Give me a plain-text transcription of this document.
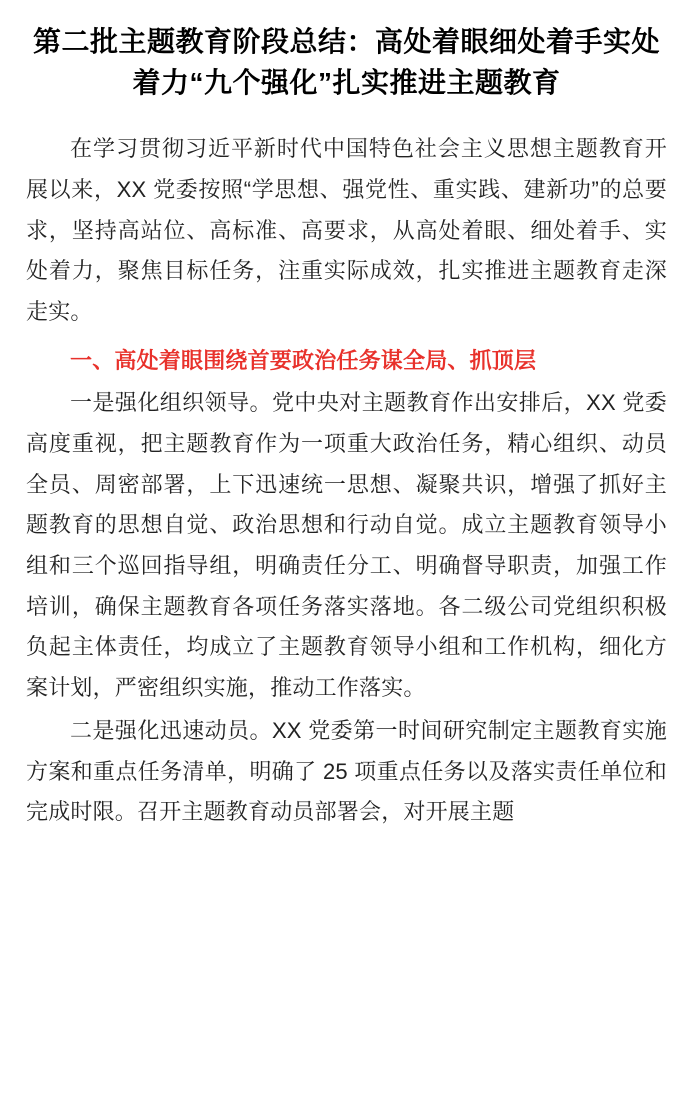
第二批主题教育阶段总结：高处着眼细处着手实处着力“九个强化”扎实推进主题教育

在学习贯彻习近平新时代中国特色社会主义思想主题教育开展以来，XX 党委按照“学思想、强党性、重实践、建新功”的总要求，坚持高站位、高标准、高要求，从高处着眼、细处着手、实处着力，聚焦目标任务，注重实际成效，扎实推进主题教育走深走实。

一、高处着眼围绕首要政治任务谋全局、抓顶层

一是强化组织领导。党中央对主题教育作出安排后，XX 党委高度重视，把主题教育作为一项重大政治任务，精心组织、动员全员、周密部署，上下迅速统一思想、凝聚共识，增强了抓好主题教育的思想自觉、政治思想和行动自觉。成立主题教育领导小组和三个巡回指导组，明确责任分工、明确督导职责，加强工作培训，确保主题教育各项任务落实落地。各二级公司党组织积极负起主体责任，均成立了主题教育领导小组和工作机构，细化方案计划，严密组织实施，推动工作落实。

二是强化迅速动员。XX 党委第一时间研究制定主题教育实施方案和重点任务清单，明确了 25 项重点任务以及落实责任单位和完成时限。召开主题教育动员部署会，对开展主题
